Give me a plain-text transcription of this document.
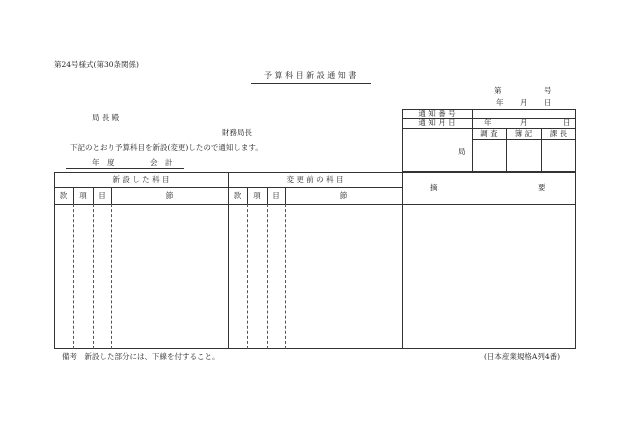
第24号様式(第30条関係)
予 算 科 目 新 設 通 知 書
第	号
年 月 日
局 長 殿
財務局長
下記のとおり予算科目を新設(変更)したので通知します。
年　度	会　計
通 知 番 号
通 知 月 日	年	月	日
調 査	簿 記	課 長
局
新 設 し た 科 目	変 更 前 の 科 目
摘	要
款	項	目	節	款	項	目	節
備考　新設した部分には、下線を付すること。	(日本産業規格A列4番)
